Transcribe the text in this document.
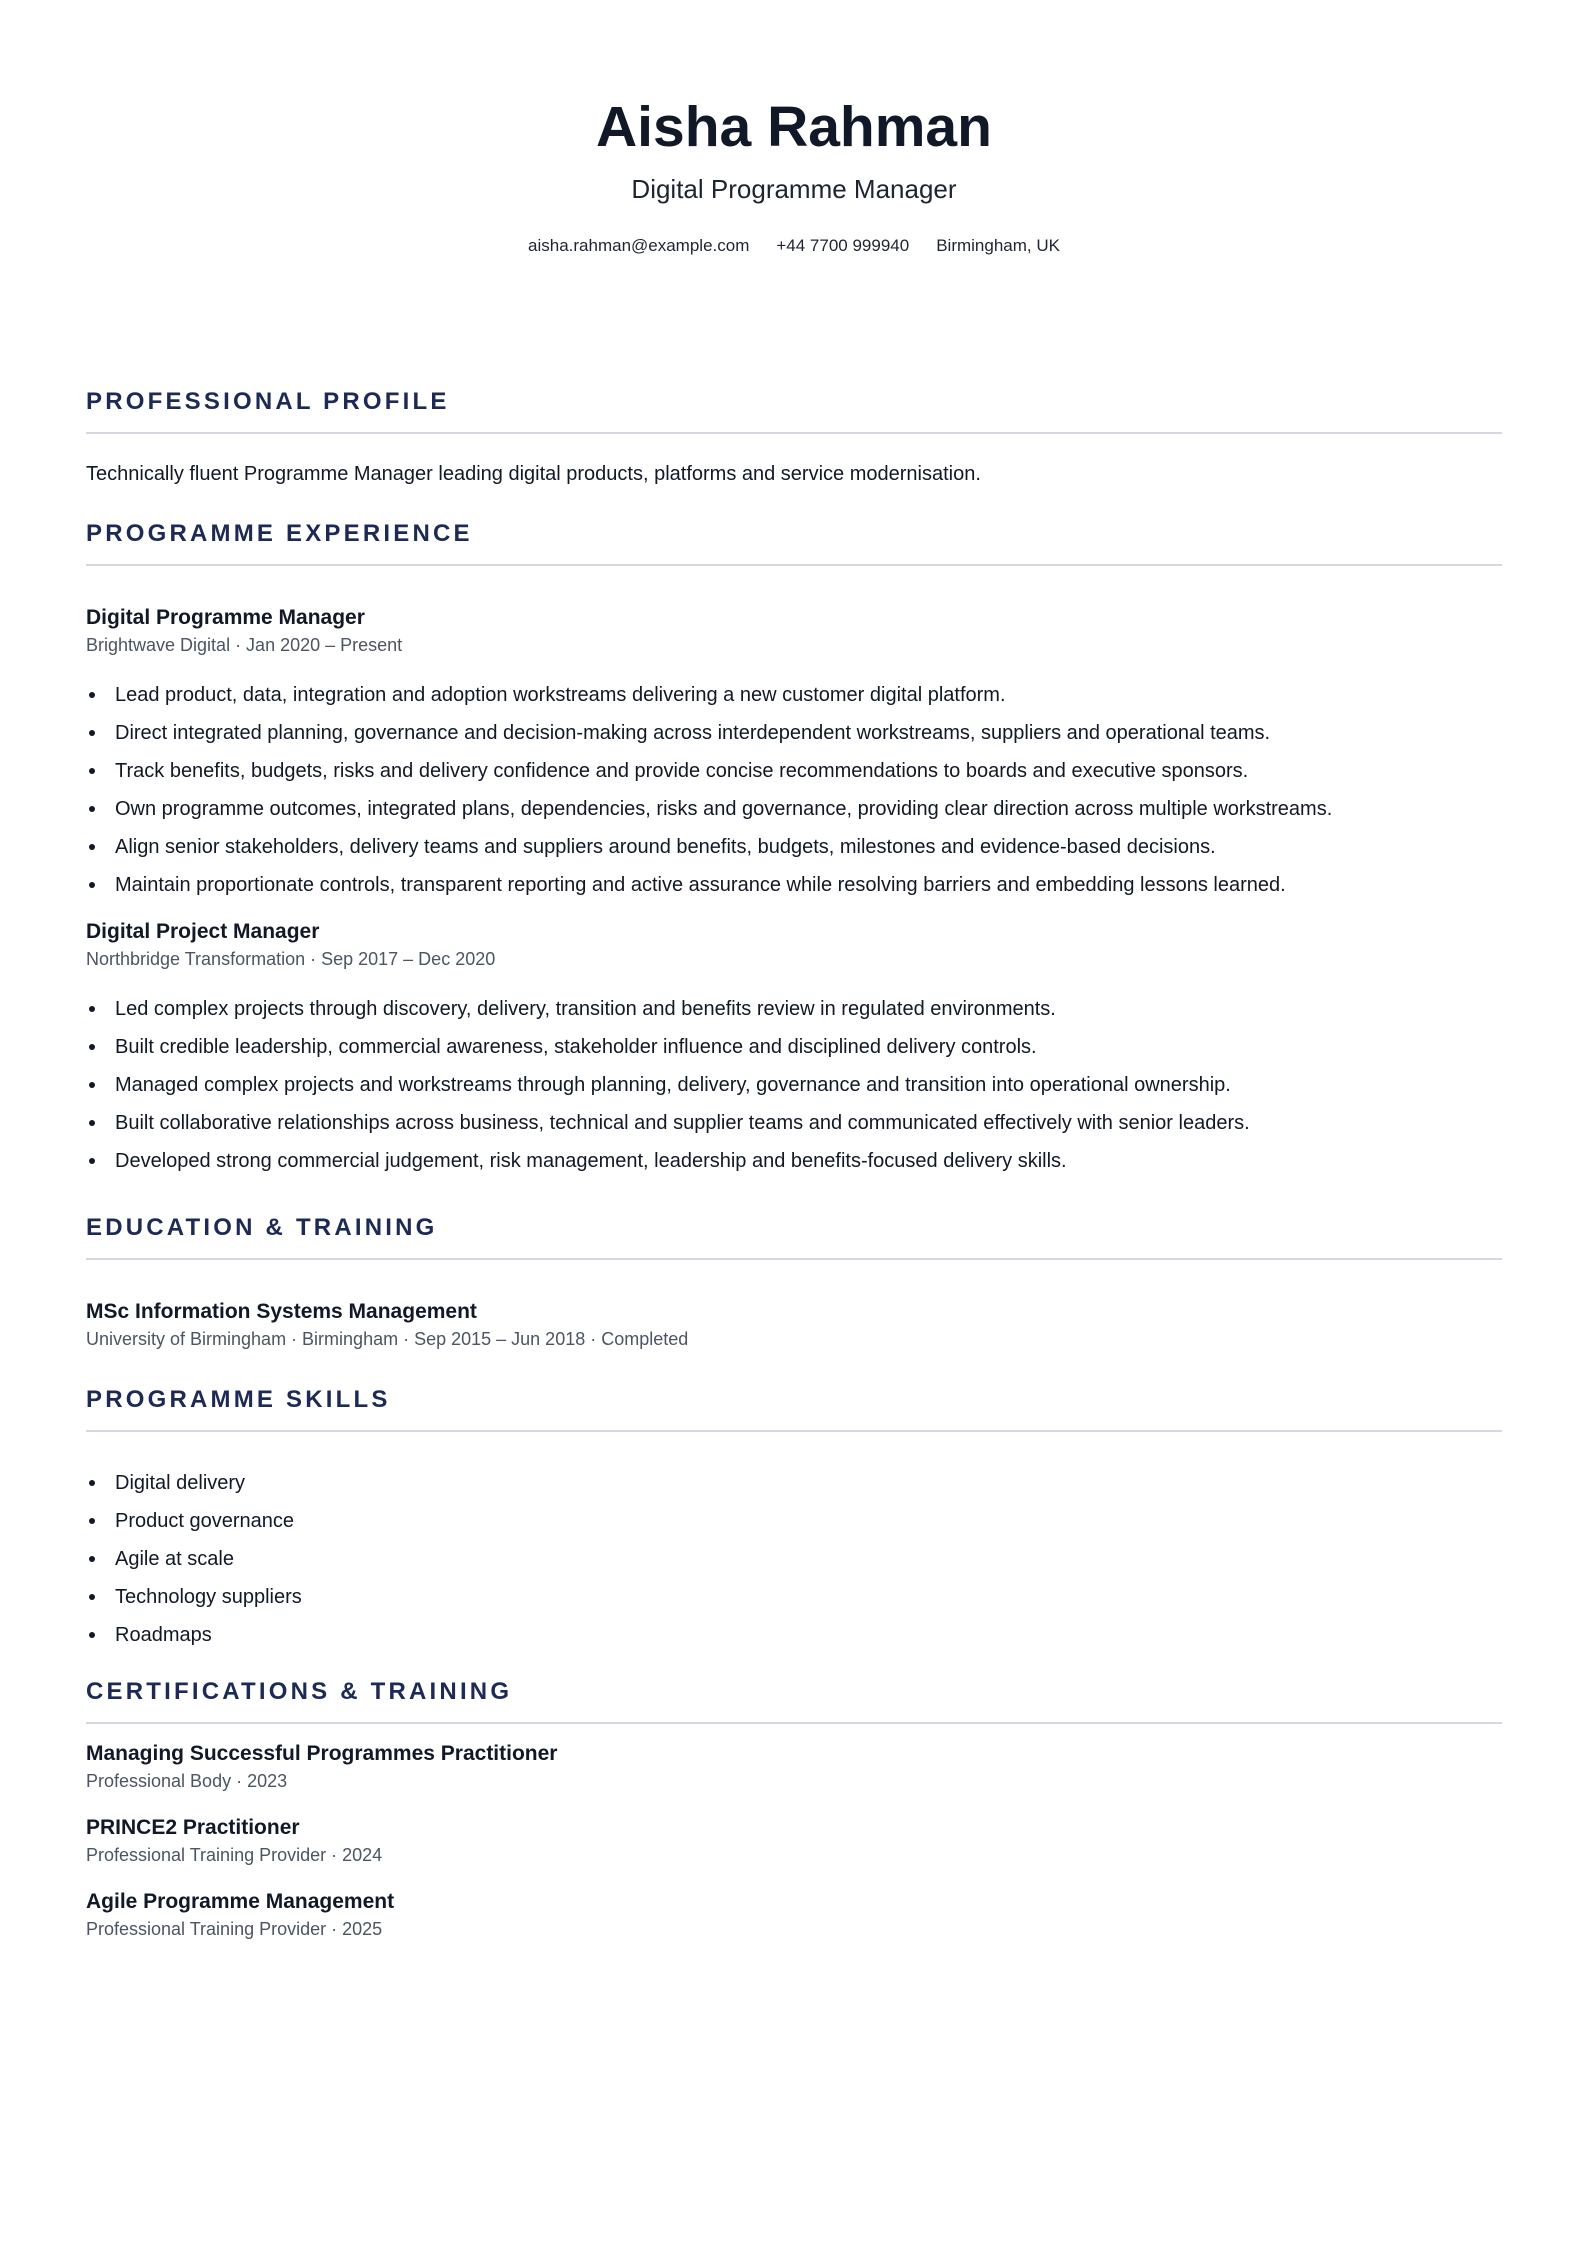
Aisha Rahman
Digital Programme Manager
aisha.rahman@example.com +44 7700 999940 Birmingham, UK
PROFESSIONAL PROFILE

Technically fluent Programme Manager leading digital products, platforms and service modernisation.

PROGRAMME EXPERIENCE

Digital Programme Manager

Brightwave Digital · Jan 2020 – Present

Lead product, data, integration and adoption workstreams delivering a new customer digital platform.
Direct integrated planning, governance and decision-making across interdependent workstreams, suppliers and operational teams.
Track benefits, budgets, risks and delivery confidence and provide concise recommendations to boards and executive sponsors.
Own programme outcomes, integrated plans, dependencies, risks and governance, providing clear direction across multiple workstreams.
Align senior stakeholders, delivery teams and suppliers around benefits, budgets, milestones and evidence-based decisions.
Maintain proportionate controls, transparent reporting and active assurance while resolving barriers and embedding lessons learned.

Digital Project Manager

Northbridge Transformation · Sep 2017 – Dec 2020

Led complex projects through discovery, delivery, transition and benefits review in regulated environments.
Built credible leadership, commercial awareness, stakeholder influence and disciplined delivery controls.
Managed complex projects and workstreams through planning, delivery, governance and transition into operational ownership.
Built collaborative relationships across business, technical and supplier teams and communicated effectively with senior leaders.
Developed strong commercial judgement, risk management, leadership and benefits-focused delivery skills.
EDUCATION & TRAINING

MSc Information Systems Management

University of Birmingham · Birmingham · Sep 2015 – Jun 2018 · Completed

PROGRAMME SKILLS
Digital delivery
Product governance
Agile at scale
Technology suppliers
Roadmaps
CERTIFICATIONS & TRAINING

Managing Successful Programmes Practitioner

Professional Body · 2023

PRINCE2 Practitioner

Professional Training Provider · 2024

Agile Programme Management

Professional Training Provider · 2025
